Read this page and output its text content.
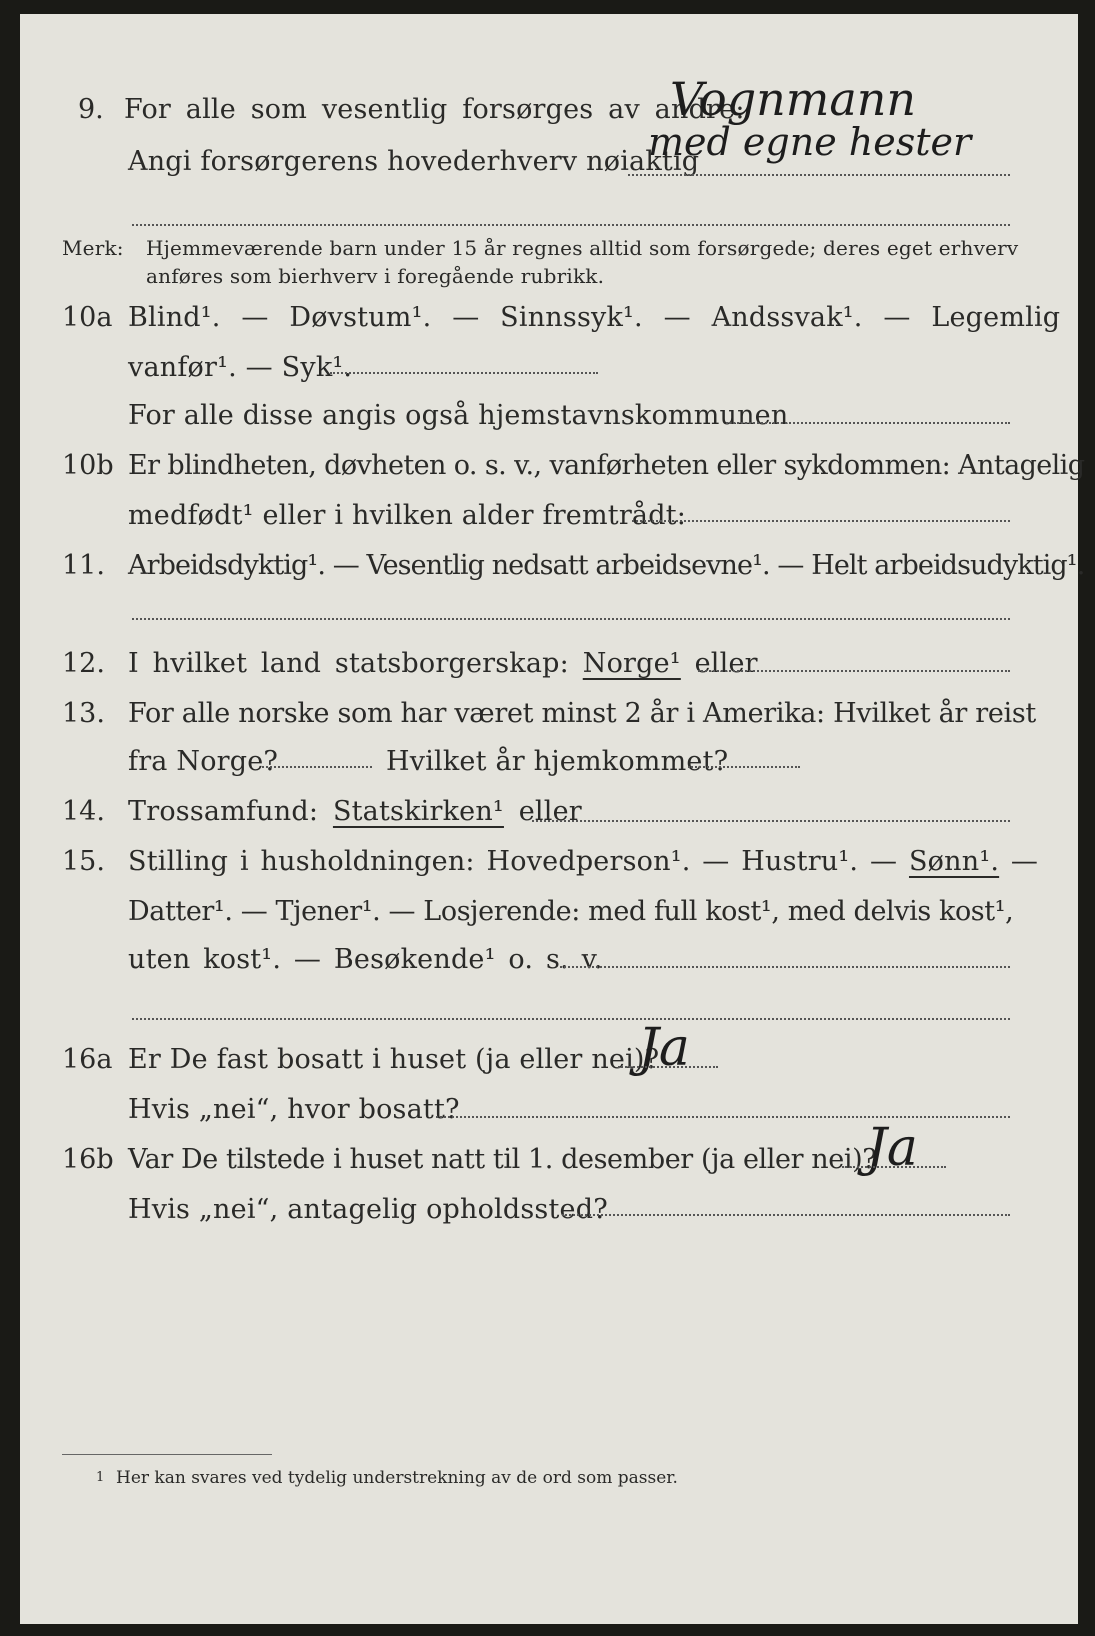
9. For alle som vesentlig forsørges av andre:
Vognmann
Angi forsørgerens hovederhverv nøiaktig
med egne hester
Merk: Hjemmeværende barn under 15 år regnes alltid som forsørgede; deres eget erhverv
anføres som bierhverv i foregående rubrikk.
10a Blind¹. — Døvstum¹. — Sinnssyk¹. — Andssvak¹. — Legemlig
vanfør¹. — Syk¹.
For alle disse angis også hjemstavnskommunen
10b Er blindheten, døvheten o. s. v., vanførheten eller sykdommen: Antagelig
medfødt¹ eller i hvilken alder fremtrådt:
11. Arbeidsdyktig¹. — Vesentlig nedsatt arbeidsevne¹. — Helt arbeidsudyktig¹.
12. I hvilket land statsborgerskap: Norge¹ eller
13. For alle norske som har været minst 2 år i Amerika: Hvilket år reist
fra Norge?	Hvilket år hjemkommet?
14. Trossamfund: Statskirken¹ eller
15. Stilling i husholdningen: Hovedperson¹. — Hustru¹. — Sønn¹. —
Datter¹. — Tjener¹. — Losjerende: med full kost¹, med delvis kost¹,
uten kost¹. — Besøkende¹ o. s. v.
16a Er De fast bosatt i huset (ja eller nei)?
Ja
Hvis „nei“, hvor bosatt?
16b Var De tilstede i huset natt til 1. desember (ja eller nei)?
Ja
Hvis „nei“, antagelig opholdssted?
1 Her kan svares ved tydelig understrekning av de ord som passer.
